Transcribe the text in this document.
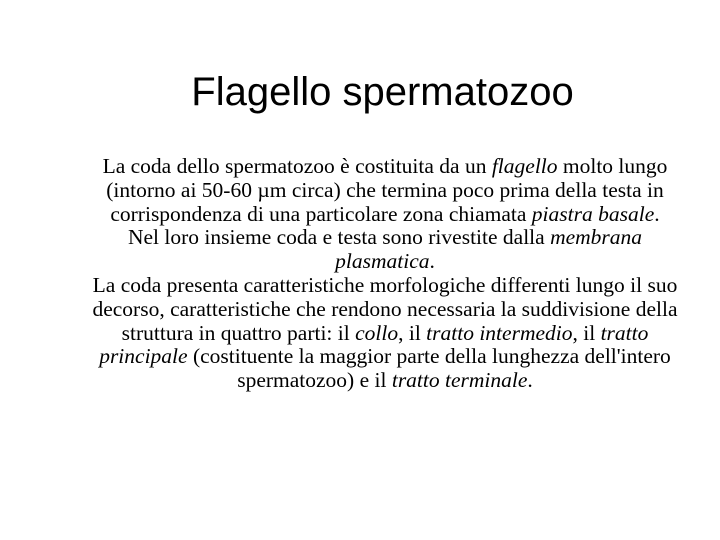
Flagello spermatozoo

La coda dello spermatozoo è costituita da un flagello molto lungo (intorno ai 50-60 µm circa) che termina poco prima della testa in corrispondenza di una particolare zona chiamata piastra basale.

Nel loro insieme coda e testa sono rivestite dalla membrana plasmatica.

La coda presenta caratteristiche morfologiche differenti lungo il suo decorso, caratteristiche che rendono necessaria la suddivisione della struttura in quattro parti: il collo, il tratto intermedio, il tratto principale (costituente la maggior parte della lunghezza dell'intero spermatozoo) e il tratto terminale.
